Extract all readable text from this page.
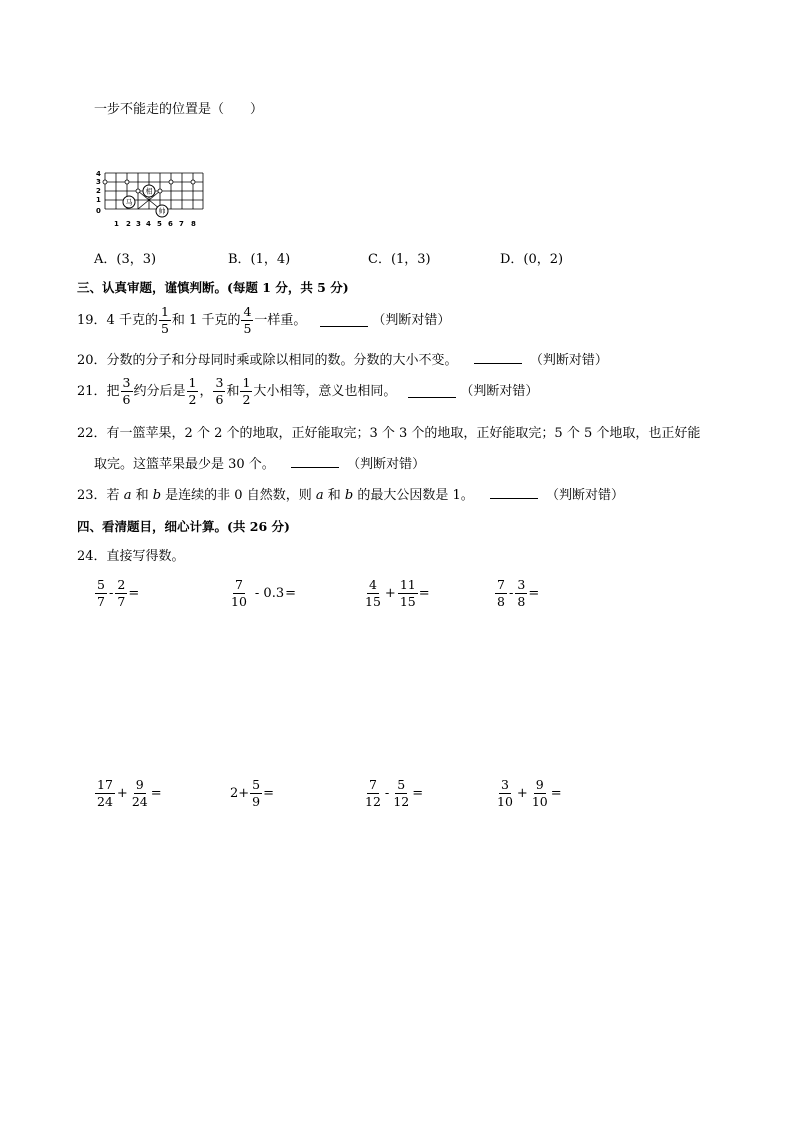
一步不能走的位置是（　　）
4
3
2
1
0
1 2 3 4 5 6 7 8
马
相
帅
A．(3，3)	B．(1，4)	C．(1，3)	D．(0，2)
三、认真审题，谨慎判断。(每题 1 分，共 5 分)
19． 4 千克的 $\frac{1}{5}$ 和 1 千克的 $\frac{4}{5}$ 一样重。	（判断对错）
20．分数的分子和分母同时乘或除以相同的数。分数的大小不变。	（判断对错）
21．把 $\frac{3}{6}$ 约分后是 $\frac{1}{2}$ ， $\frac{3}{6}$ 和 $\frac{1}{2}$ 大小相等，意义也相同。	（判断对错）
22．有一篮苹果，2 个 2 个的地取，正好能取完；3 个 3 个的地取，正好能取完；5 个 5 个地取，也正好能
取完。这篮苹果最少是 30 个。	（判断对错）
23．若 a 和 b 是连续的非 0 自然数，则 a 和 b 的最大公因数是 1。	（判断对错）
四、看清题目，细心计算。(共 26 分)
24．直接写得数。
$\frac{5}{7} - \frac{2}{7}$ =	$\frac{7}{10} - 0.3$ =	$\frac{4}{15} + \frac{11}{15}$ =	$\frac{7}{8} - \frac{3}{8}$ =
$\frac{17}{24} + \frac{9}{24}$ =	$2+ \frac{5}{9}$ =	$\frac{7}{12} - \frac{5}{12}$ =	$\frac{3}{10} + \frac{9}{10}$ =
